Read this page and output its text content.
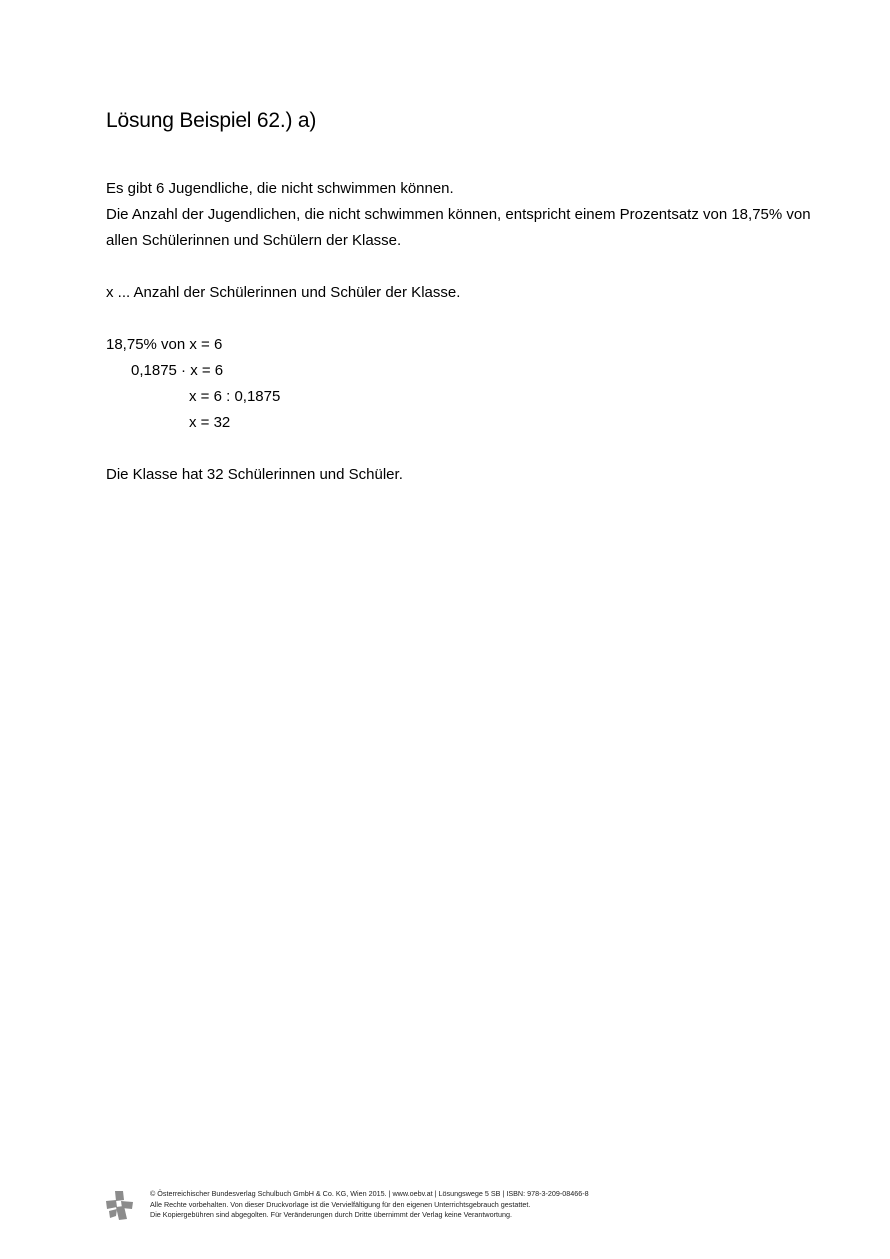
Lösung Beispiel 62.) a)
Es gibt 6 Jugendliche, die nicht schwimmen können.
Die Anzahl der Jugendlichen, die nicht schwimmen können, entspricht einem Prozentsatz von 18,75% von
allen Schülerinnen und Schülern der Klasse.
x ... Anzahl der Schülerinnen und Schüler der Klasse.
18,75% von x = 6
0,1875 · x = 6
x = 6 : 0,1875
x = 32
Die Klasse hat 32 Schülerinnen und Schüler.
© Österreichischer Bundesverlag Schulbuch GmbH & Co. KG, Wien 2015. | www.oebv.at | Lösungswege 5 SB | ISBN: 978-3-209-08466-8
Alle Rechte vorbehalten. Von dieser Druckvorlage ist die Vervielfältigung für den eigenen Unterrichtsgebrauch gestattet.
Die Kopiergebühren sind abgegolten. Für Veränderungen durch Dritte übernimmt der Verlag keine Verantwortung.
